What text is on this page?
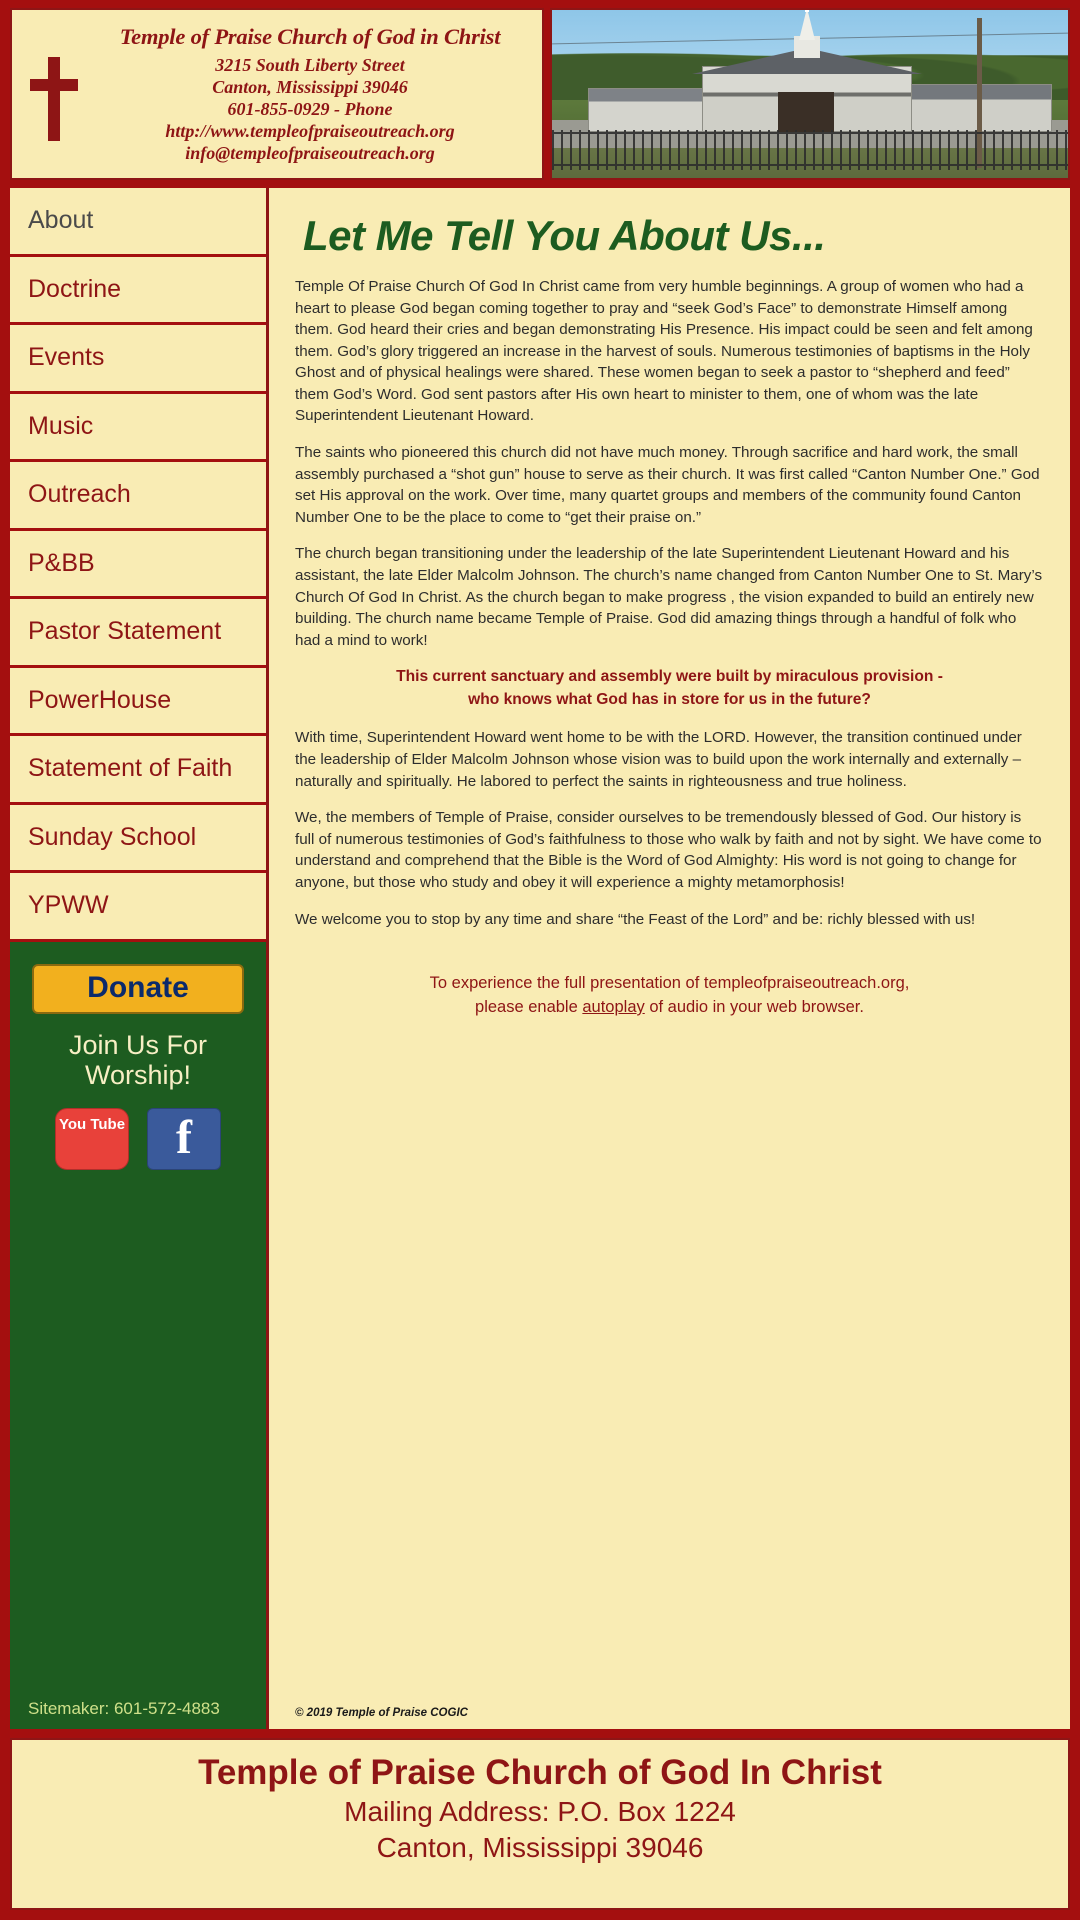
Temple of Praise Church of God in Christ
3215 South Liberty Street
Canton, Mississippi 39046
601-855-0929 - Phone
http://www.templeofpraiseoutreach.org
info@templeofpraiseoutreach.org
About
Doctrine
Events
Music
Outreach
P&BB
Pastor Statement
PowerHouse
Statement of Faith
Sunday School
YPWW
Donate
Join Us For
Worship!
You Tube	f
Sitemaker: 601-572-4883
Let Me Tell You About Us...
Temple Of Praise Church Of God In Christ came from very humble beginnings. A group of women who had a heart to please God began coming together to pray and “seek God’s Face” to demonstrate Himself among them. God heard their cries and began demonstrating His Presence. His impact could be seen and felt among them. God’s glory triggered an increase in the harvest of souls. Numerous testimonies of baptisms in the Holy Ghost and of physical healings were shared. These women began to seek a pastor to “shepherd and feed” them God’s Word. God sent pastors after His own heart to minister to them, one of whom was the late Superintendent Lieutenant Howard.
The saints who pioneered this church did not have much money. Through sacrifice and hard work, the small assembly purchased a “shot gun” house to serve as their church. It was first called “Canton Number One.” God set His approval on the work. Over time, many quartet groups and members of the community found Canton Number One to be the place to come to “get their praise on.”
The church began transitioning under the leadership of the late Superintendent Lieutenant Howard and his assistant, the late Elder Malcolm Johnson. The church’s name changed from Canton Number One to St. Mary’s Church Of God In Christ. As the church began to make progress , the vision expanded to build an entirely new building. The church name became Temple of Praise. God did amazing things through a handful of folk who had a mind to work!
This current sanctuary and assembly were built by miraculous provision -
who knows what God has in store for us in the future?
With time, Superintendent Howard went home to be with the LORD. However, the transition continued under the leadership of Elder Malcolm Johnson whose vision was to build upon the work internally and externally – naturally and spiritually. He labored to perfect the saints in righteousness and true holiness.
We, the members of Temple of Praise, consider ourselves to be tremendously blessed of God. Our history is full of numerous testimonies of God’s faithfulness to those who walk by faith and not by sight. We have come to understand and comprehend that the Bible is the Word of God Almighty: His word is not going to change for anyone, but those who study and obey it will experience a mighty metamorphosis!
We welcome you to stop by any time and share “the Feast of the Lord” and be: richly blessed with us!
To experience the full presentation of templeofpraiseoutreach.org,
please enable autoplay of audio in your web browser.
© 2019 Temple of Praise COGIC
Temple of Praise Church of God In Christ
Mailing Address: P.O. Box 1224
Canton, Mississippi 39046
